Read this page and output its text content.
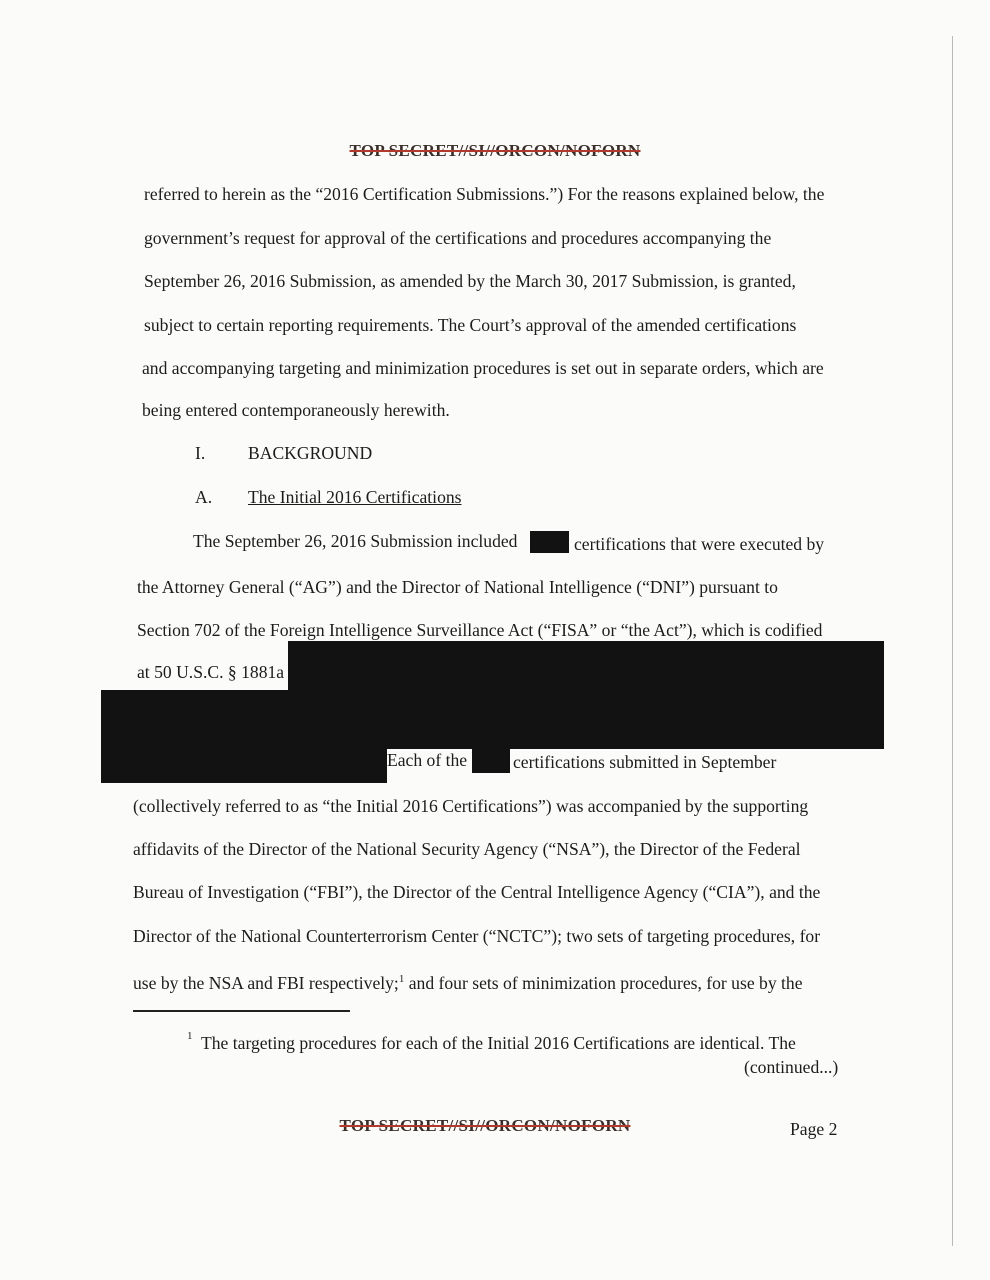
TOP SECRET//SI//ORCON/NOFORN
referred to herein as the “2016 Certification Submissions.”) For the reasons explained below, the
government’s request for approval of the certifications and procedures accompanying the
September 26, 2016 Submission, as amended by the March 30, 2017 Submission, is granted,
subject to certain reporting requirements. The Court’s approval of the amended certifications
and accompanying targeting and minimization procedures is set out in separate orders, which are
being entered contemporaneously herewith.
I. BACKGROUND
A. The Initial 2016 Certifications
The September 26, 2016 Submission included	certifications that were executed by
the Attorney General (“AG”) and the Director of National Intelligence (“DNI”) pursuant to
Section 702 of the Foreign Intelligence Surveillance Act (“FISA” or “the Act”), which is codified
at 50 U.S.C. § 1881a
Each of the	certifications submitted in September
(collectively referred to as “the Initial 2016 Certifications”) was accompanied by the supporting
affidavits of the Director of the National Security Agency (“NSA”), the Director of the Federal
Bureau of Investigation (“FBI”), the Director of the Central Intelligence Agency (“CIA”), and the
Director of the National Counterterrorism Center (“NCTC”); two sets of targeting procedures, for
use by the NSA and FBI respectively;$^1$ and four sets of minimization procedures, for use by the
1 The targeting procedures for each of the Initial 2016 Certifications are identical. The
(continued...)
TOP SECRET//SI//ORCON/NOFORN	Page 2
